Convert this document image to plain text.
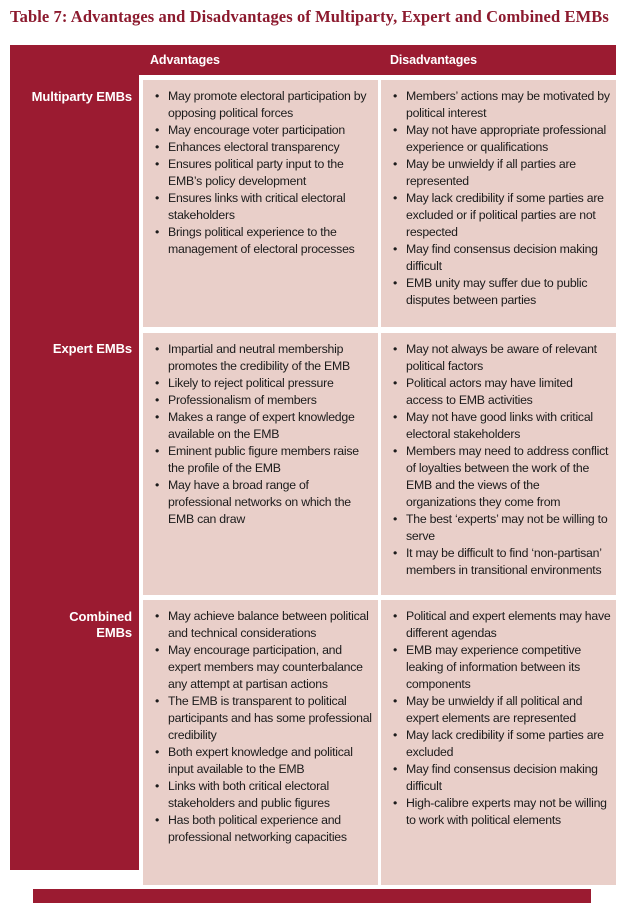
Table 7: Advantages and Disadvantages of Multiparty, Expert and Combined EMBs
Advantages	Disadvantages
Multiparty EMBs
Expert EMBs
Combined EMBs
• May promote electoral participation by opposing political forces
• May encourage voter participation
• Enhances electoral transparency
• Ensures political party input to the EMB’s policy development
• Ensures links with critical electoral stakeholders
• Brings political experience to the management of electoral processes
• Members’ actions may be motivated by political interest
• May not have appropriate professional experience or qualifications
• May be unwieldy if all parties are represented
• May lack credibility if some parties are excluded or if political parties are not respected
• May find consensus decision making difficult
• EMB unity may suffer due to public disputes between parties
• Impartial and neutral membership promotes the credibility of the EMB
• Likely to reject political pressure
• Professionalism of members
• Makes a range of expert knowledge available on the EMB
• Eminent public figure members raise the profile of the EMB
• May have a broad range of professional networks on which the EMB can draw
• May not always be aware of relevant political factors
• Political actors may have limited access to EMB activities
• May not have good links with critical electoral stakeholders
• Members may need to address conflict of loyalties between the work of the EMB and the views of the organizations they come from
• The best ‘experts’ may not be willing to serve
• It may be difficult to find ‘non-partisan’ members in transitional environments
• May achieve balance between political and technical considerations
• May encourage participation, and expert members may counterbalance any attempt at partisan actions
• The EMB is transparent to political participants and has some professional credibility
• Both expert knowledge and political input available to the EMB
• Links with both critical electoral stakeholders and public figures
• Has both political experience and professional networking capacities
• Political and expert elements may have different agendas
• EMB may experience competitive leaking of information between its components
• May be unwieldy if all political and expert elements are represented
• May lack credibility if some parties are excluded
• May find consensus decision making difficult
• High-calibre experts may not be willing to work with political elements
